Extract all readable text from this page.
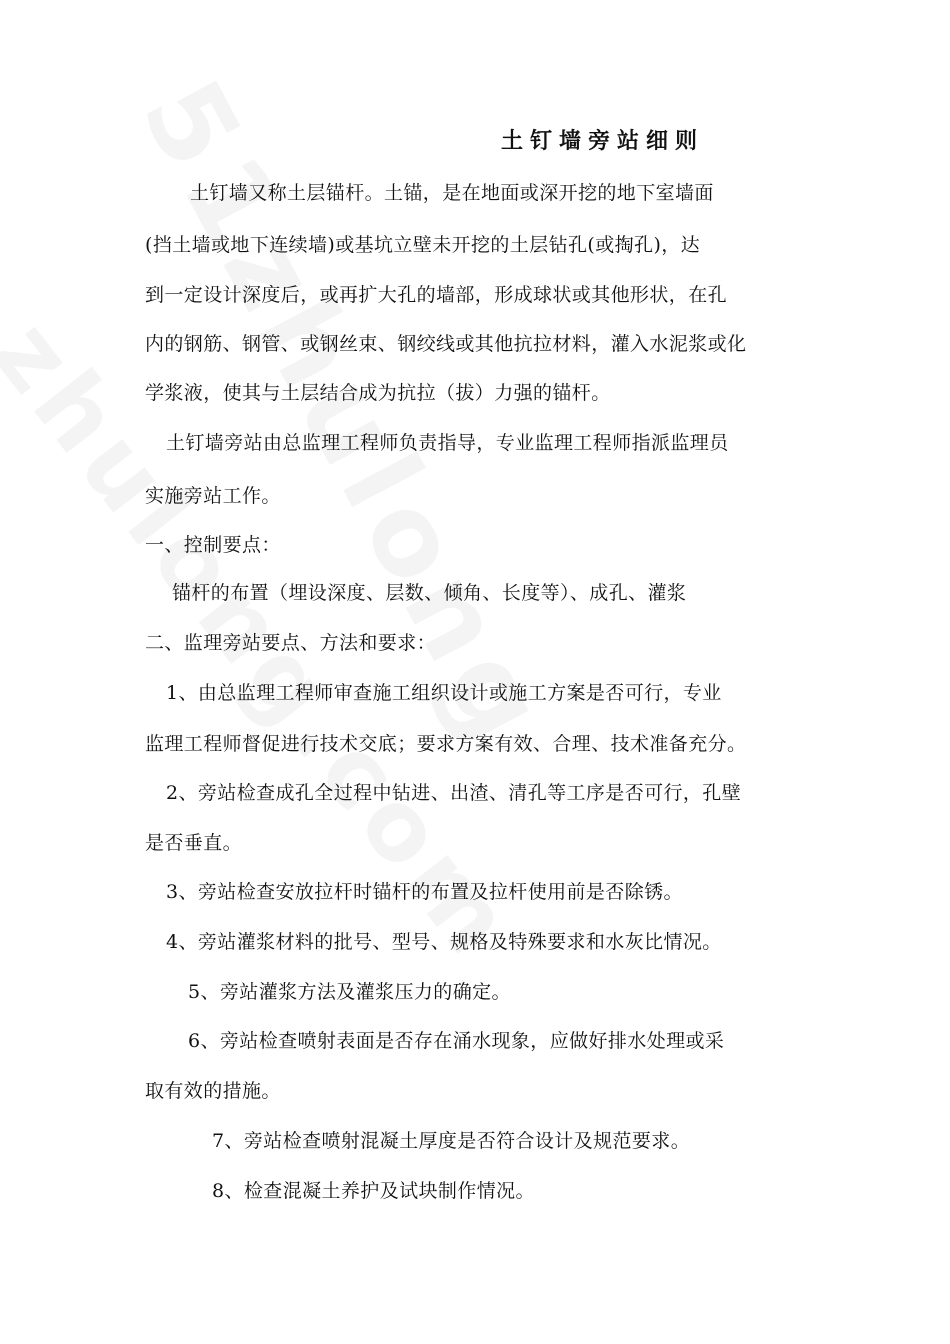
土钉墙旁站细则
土钉墙又称土层锚杆。土锚，是在地面或深开挖的地下室墙面
(挡土墙或地下连续墙)或基坑立壁未开挖的土层钻孔(或掏孔)，达
到一定设计深度后，或再扩大孔的墙部，形成球状或其他形状，在孔
内的钢筋、钢管、或钢丝束、钢绞线或其他抗拉材料，灌入水泥浆或化
学浆液，使其与土层结合成为抗拉（拔）力强的锚杆。
土钉墙旁站由总监理工程师负责指导，专业监理工程师指派监理员
实施旁站工作。
一、控制要点：
锚杆的布置（埋设深度、层数、倾角、长度等）、成孔、灌浆
二、监理旁站要点、方法和要求：
1、由总监理工程师审查施工组织设计或施工方案是否可行，专业
监理工程师督促进行技术交底；要求方案有效、合理、技术准备充分。
2、旁站检查成孔全过程中钻进、出渣、清孔等工序是否可行，孔壁
是否垂直。
3、旁站检查安放拉杆时锚杆的布置及拉杆使用前是否除锈。
4、旁站灌浆材料的批号、型号、规格及特殊要求和水灰比情况。
5、旁站灌浆方法及灌浆压力的确定。
6、旁站检查喷射表面是否存在涌水现象，应做好排水处理或采
取有效的措施。
7、旁站检查喷射混凝土厚度是否符合设计及规范要求。
8、检查混凝土养护及试块制作情况。
